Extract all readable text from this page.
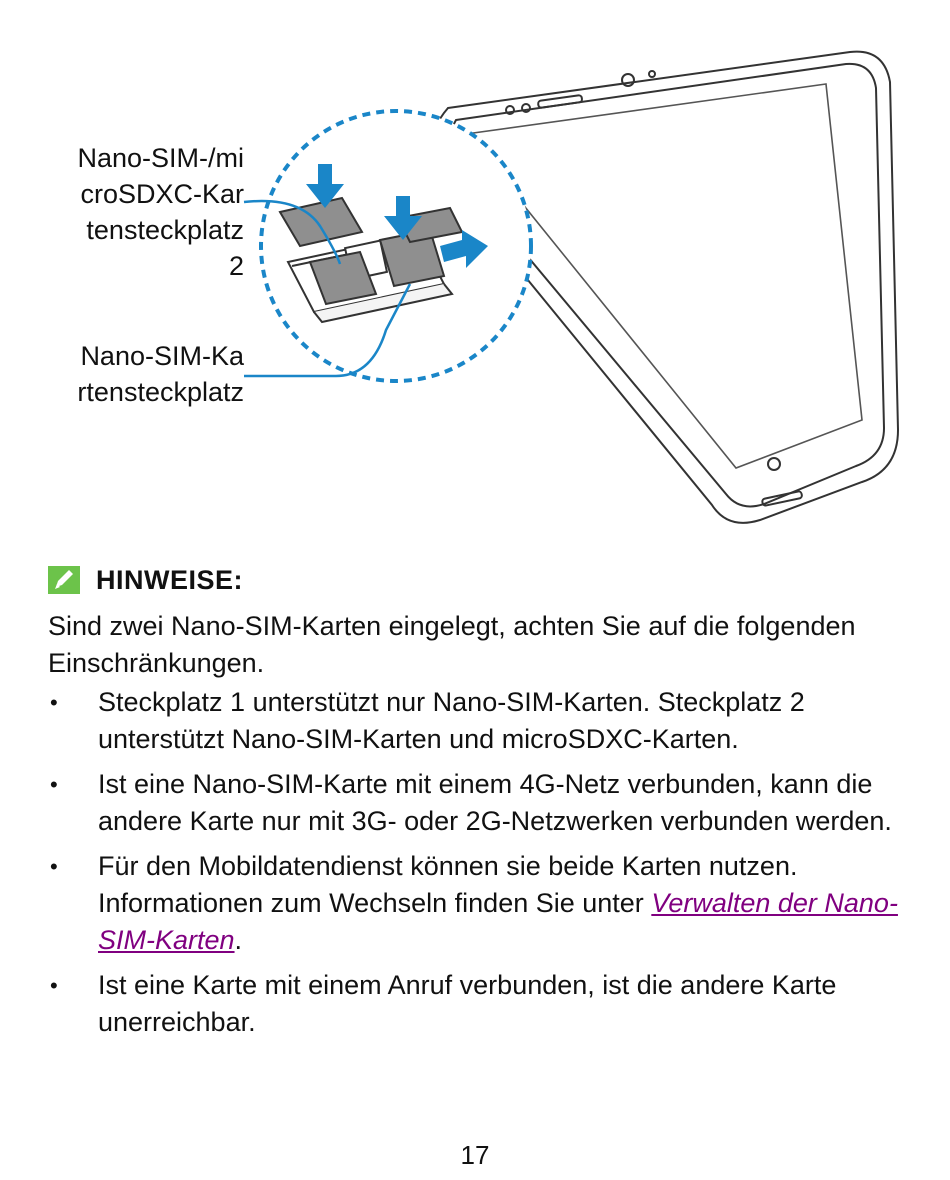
Nano-SIM-/mi
croSDXC-Kar
tensteckplatz
2
Nano-SIM-Ka
rtensteckplatz
HINWEISE:

Sind zwei Nano-SIM-Karten eingelegt, achten Sie auf die folgenden Einschränkungen.

• Steckplatz 1 unterstützt nur Nano-SIM-Karten. Steckplatz 2 unterstützt Nano-SIM-Karten und microSDXC-Karten.
• Ist eine Nano-SIM-Karte mit einem 4G-Netz verbunden, kann die andere Karte nur mit 3G- oder 2G-Netzwerken verbunden werden.
• Für den Mobildatendienst können sie beide Karten nutzen. Informationen zum Wechseln finden Sie unter Verwalten der Nano-SIM-Karten.
• Ist eine Karte mit einem Anruf verbunden, ist die andere Karte unerreichbar.
17
